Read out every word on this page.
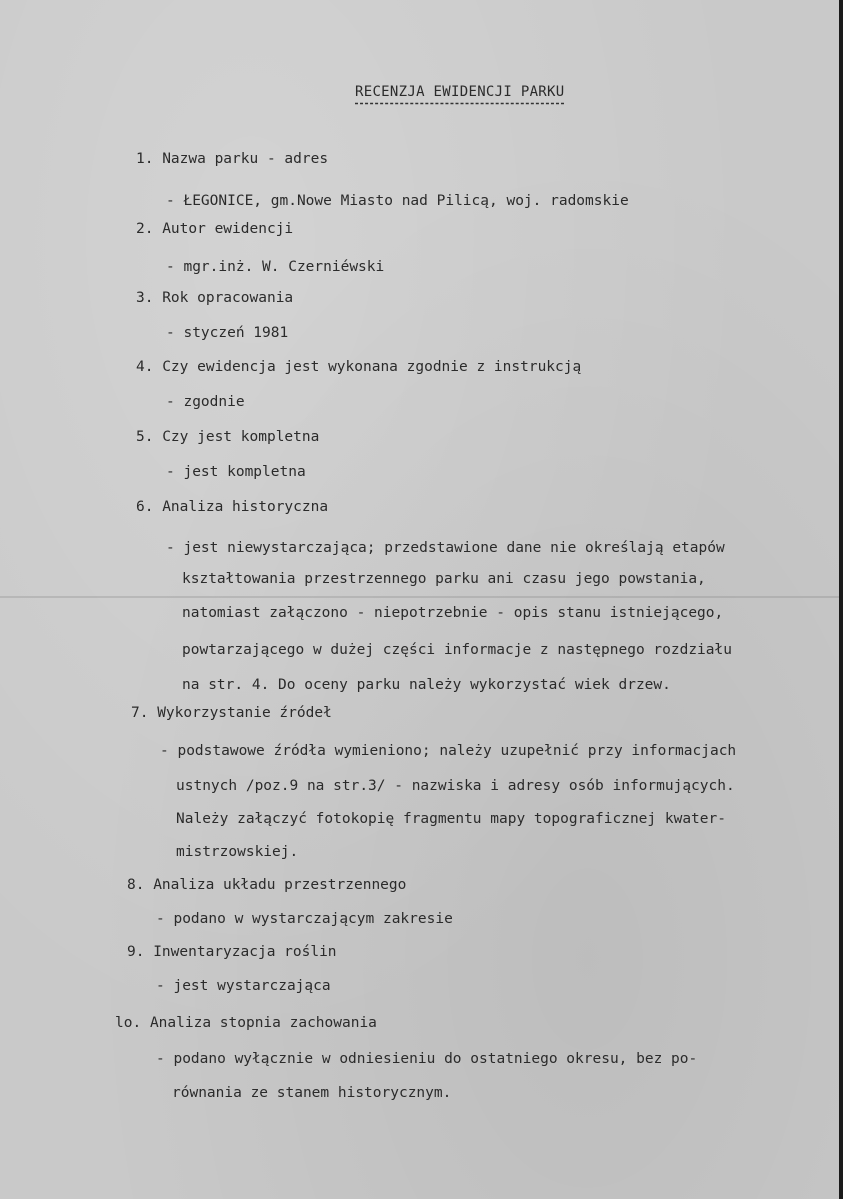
RECENZJA EWIDENCJI PARKU
1. Nazwa parku - adres
- ŁEGONICE, gm.Nowe Miasto nad Pilicą, woj. radomskie
2. Autor ewidencji
- mgr.inż. W. Czerniéwski
3. Rok opracowania
- styczeń 1981
4. Czy ewidencja jest wykonana zgodnie z instrukcją
- zgodnie
5. Czy jest kompletna
- jest kompletna
6. Analiza historyczna
- jest niewystarczająca; przedstawione dane nie określają etapów
kształtowania przestrzennego parku ani czasu jego powstania,
natomiast załączono - niepotrzebnie - opis stanu istniejącego,
powtarzającego w dużej części informacje z następnego rozdziału
na str. 4. Do oceny parku należy wykorzystać wiek drzew.
7. Wykorzystanie źródeł
- podstawowe źródła wymieniono; należy uzupełnić przy informacjach
ustnych /poz.9 na str.3/ - nazwiska i adresy osób informujących.
Należy załączyć fotokopię fragmentu mapy topograficznej kwater-
mistrzowskiej.
8. Analiza układu przestrzennego
- podano w wystarczającym zakresie
9. Inwentaryzacja roślin
- jest wystarczająca
lo. Analiza stopnia zachowania
- podano wyłącznie w odniesieniu do ostatniego okresu, bez po-
równania ze stanem historycznym.
